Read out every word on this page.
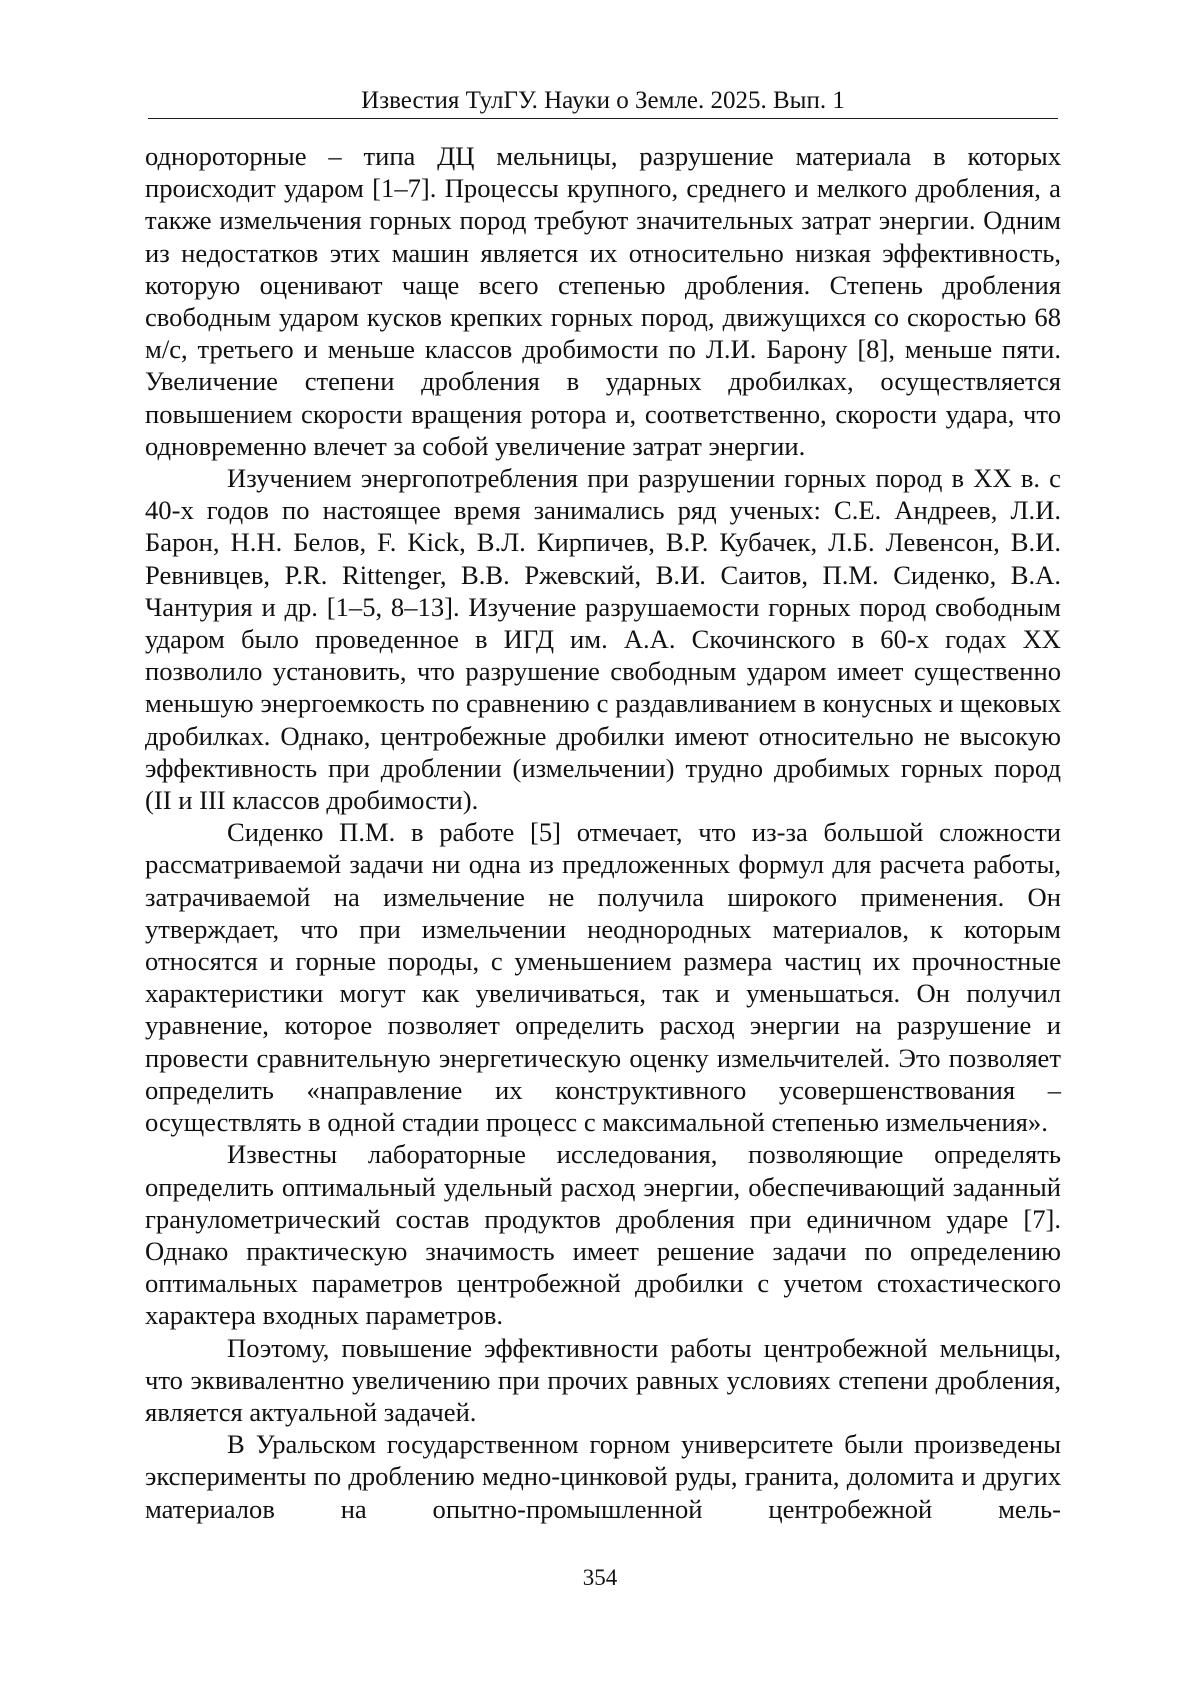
Известия ТулГУ. Науки о Земле. 2025. Вып. 1

однороторные – типа ДЦ мельницы, разрушение материала в которых происходит ударом [1–7]. Процессы крупного, среднего и мелкого дробления, а также измельчения горных пород требуют значительных затрат энергии. Одним из недостатков этих машин является их относительно низкая эффективность, которую оценивают чаще всего степенью дробления. Степень дробления свободным ударом кусков крепких горных пород, движущихся со скоростью 68 м/с, третьего и меньше классов дробимости по Л.И. Барону [8], меньше пяти. Увеличение степени дробления в ударных дробилках, осуществляется повышением скорости вращения ротора и, соответственно, скорости удара, что одновременно влечет за собой увеличение затрат энергии.

Изучением энергопотребления при разрушении горных пород в XX в. с 40-х годов по настоящее время занимались ряд ученых: С.Е. Андреев, Л.И. Барон, Н.Н. Белов, F. Kick, В.Л. Кирпичев, В.Р. Кубачек, Л.Б. Левенсон, В.И. Ревнивцев, P.R. Rittenger, В.В. Ржевский, В.И. Саитов, П.М. Сиденко, В.А. Чантурия и др. [1–5, 8–13]. Изучение разрушаемости горных пород свободным ударом было проведенное в ИГД им. А.А. Скочинского в 60-х годах XX позволило установить, что разрушение свободным ударом имеет существенно меньшую энергоемкость по сравнению с раздавливанием в конусных и щековых дробилках. Однако, центробежные дробилки имеют относительно не высокую эффективность при дроблении (измельчении) трудно дробимых горных пород (II и III классов дробимости).

Сиденко П.М. в работе [5] отмечает, что из-за большой сложности рассматриваемой задачи ни одна из предложенных формул для расчета работы, затрачиваемой на измельчение не получила широкого применения. Он утверждает, что при измельчении неоднородных материалов, к которым относятся и горные породы, с уменьшением размера частиц их прочностные характеристики могут как увеличиваться, так и уменьшаться. Он получил уравнение, которое позволяет определить расход энергии на разрушение и провести сравнительную энергетическую оценку измельчителей. Это позволяет определить «направление их конструктивного усовершенствования – осуществлять в одной стадии процесс с максимальной степенью измельчения».

Известны лабораторные исследования, позволяющие определять определить оптимальный удельный расход энергии, обеспечивающий заданный гранулометрический состав продуктов дробления при единичном ударе [7]. Однако практическую значимость имеет решение задачи по определению оптимальных параметров центробежной дробилки с учетом стохастического характера входных параметров.

Поэтому, повышение эффективности работы центробежной мельницы, что эквивалентно увеличению при прочих равных условиях степени дробления, является актуальной задачей.

В Уральском государственном горном университете были произведены эксперименты по дроблению медно-цинковой руды, гранита, доломита и других материалов на опытно-промышленной центробежной мель-

354
